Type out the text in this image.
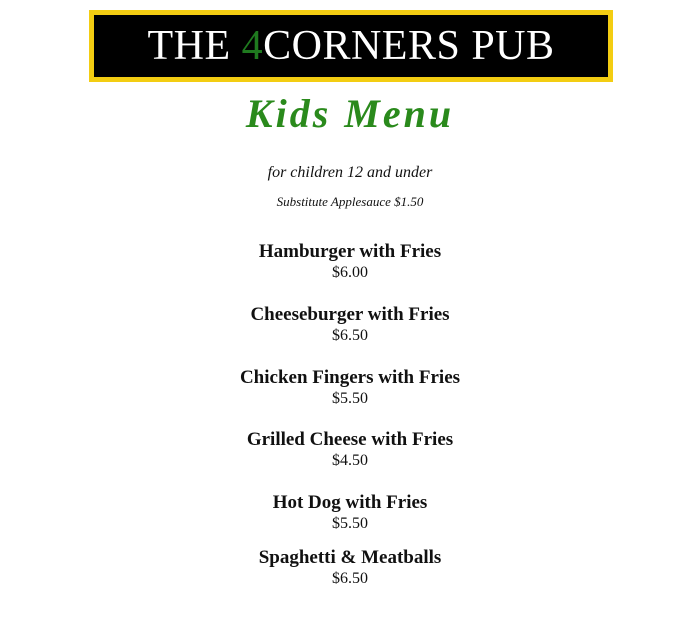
THE 4CORNERS PUB
Kids Menu

for children 12 and under

Substitute Applesauce $1.50

Hamburger with Fries
$6.00
Cheeseburger with Fries
$6.50
Chicken Fingers with Fries
$5.50
Grilled Cheese with Fries
$4.50
Hot Dog with Fries
$5.50
Spaghetti & Meatballs
$6.50
